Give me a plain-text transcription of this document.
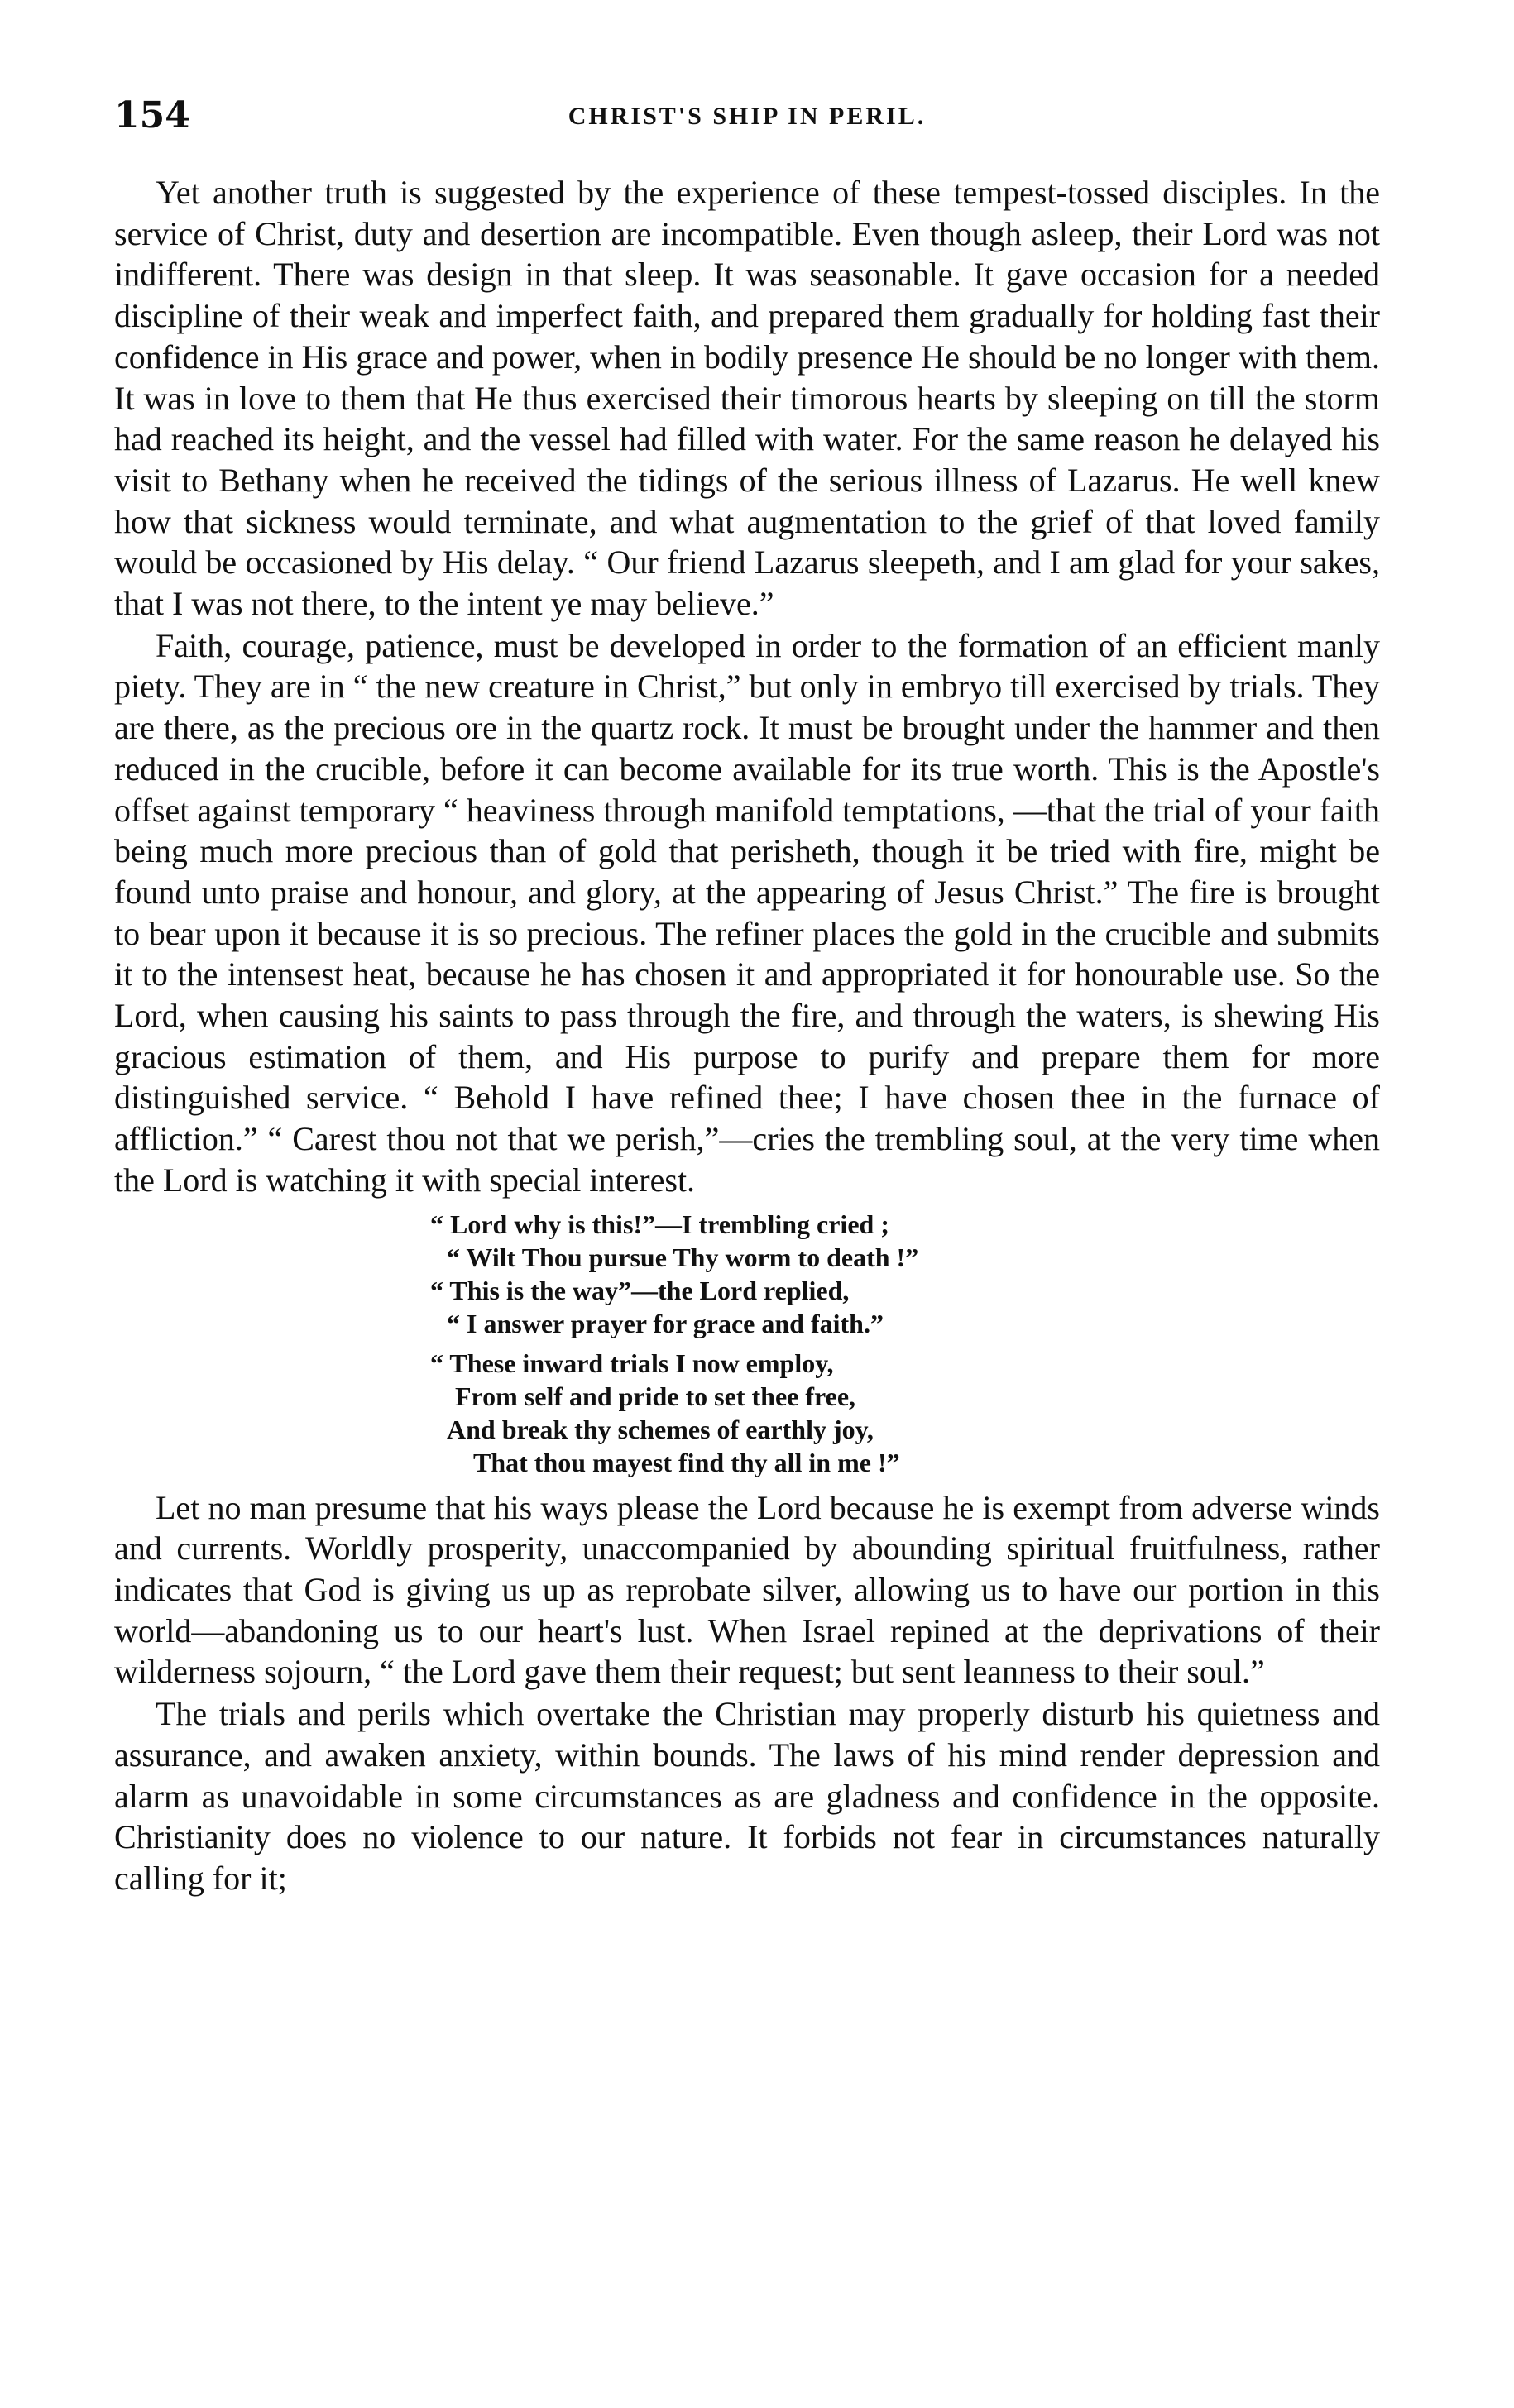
154	CHRIST'S SHIP IN PERIL.

Yet another truth is suggested by the experience of these tempest-tossed disciples. In the service of Christ, duty and desertion are incompatible. Even though asleep, their Lord was not indifferent. There was design in that sleep. It was seasonable. It gave occasion for a needed discipline of their weak and imperfect faith, and prepared them gradually for holding fast their confidence in His grace and power, when in bodily presence He should be no longer with them. It was in love to them that He thus exercised their timorous hearts by sleeping on till the storm had reached its height, and the vessel had filled with water. For the same reason he delayed his visit to Bethany when he received the tidings of the serious illness of Lazarus. He well knew how that sickness would terminate, and what augmentation to the grief of that loved family would be occasioned by His delay. “ Our friend Lazarus sleepeth, and I am glad for your sakes, that I was not there, to the intent ye may believe.”

Faith, courage, patience, must be developed in order to the formation of an efficient manly piety. They are in “ the new creature in Christ,” but only in embryo till exercised by trials. They are there, as the precious ore in the quartz rock. It must be brought under the hammer and then reduced in the crucible, before it can become available for its true worth. This is the Apostle's offset against temporary “ heaviness through manifold temptations, —that the trial of your faith being much more precious than of gold that perisheth, though it be tried with fire, might be found unto praise and honour, and glory, at the appearing of Jesus Christ.” The fire is brought to bear upon it because it is so precious. The refiner places the gold in the crucible and submits it to the intensest heat, because he has chosen it and appropriated it for honourable use. So the Lord, when causing his saints to pass through the fire, and through the waters, is shewing His gracious estimation of them, and His purpose to purify and prepare them for more distinguished service. “ Behold I have refined thee; I have chosen thee in the furnace of affliction.” “ Carest thou not that we perish,”—cries the trembling soul, at the very time when the Lord is watching it with special interest.

“ Lord why is this!”—I trembling cried ;
“ Wilt Thou pursue Thy worm to death !”
“ This is the way”—the Lord replied,
“ I answer prayer for grace and faith.”
“ These inward trials I now employ,
From self and pride to set thee free,
And break thy schemes of earthly joy,
That thou mayest find thy all in me !”

Let no man presume that his ways please the Lord because he is exempt from adverse winds and currents. Worldly prosperity, unaccompanied by abounding spiritual fruitfulness, rather indicates that God is giving us up as reprobate silver, allowing us to have our portion in this world—abandoning us to our heart's lust. When Israel repined at the deprivations of their wilderness sojourn, “ the Lord gave them their request; but sent leanness to their soul.”

The trials and perils which overtake the Christian may properly disturb his quietness and assurance, and awaken anxiety, within bounds. The laws of his mind render depression and alarm as unavoidable in some circumstances as are gladness and confidence in the opposite. Christianity does no violence to our nature. It forbids not fear in circumstances naturally calling for it;
